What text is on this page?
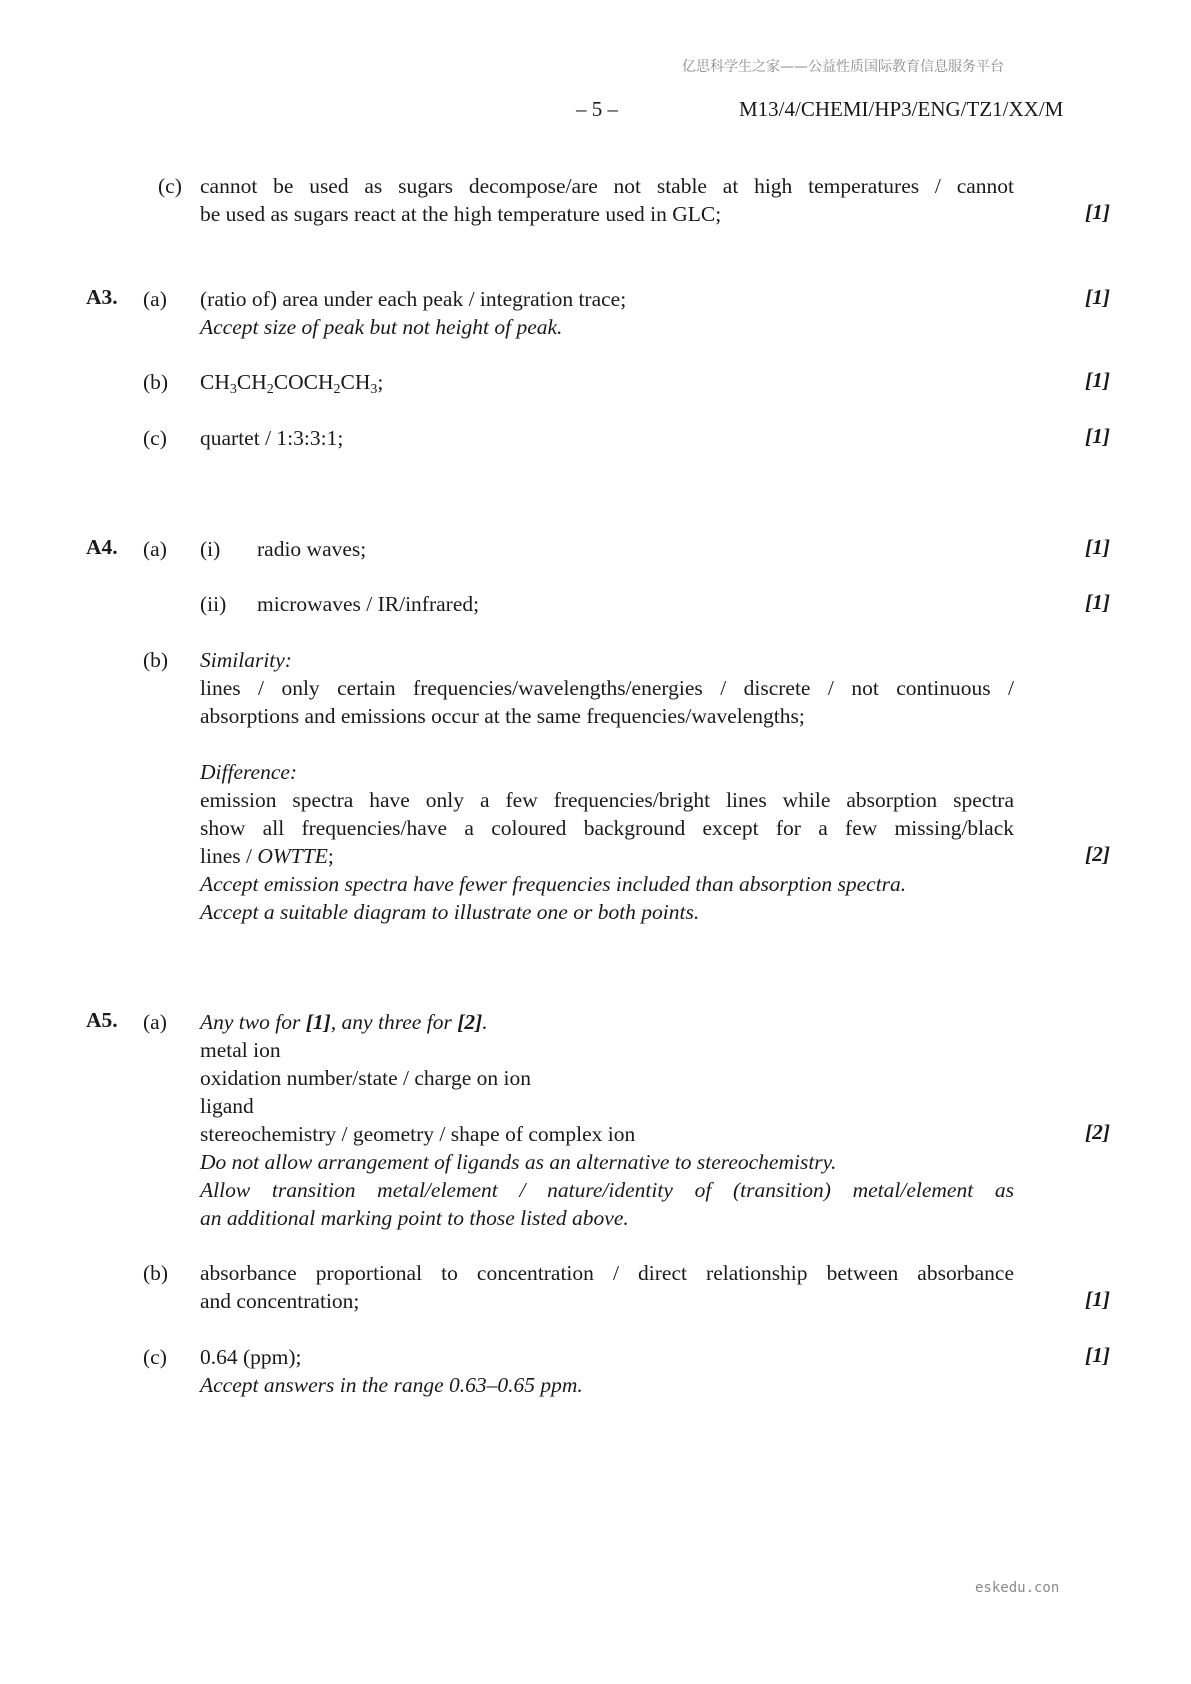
亿思科学生之家——公益性质国际教育信息服务平台
– 5 –	M13/4/CHEMI/HP3/ENG/TZ1/XX/M
(c) cannot be used as sugars decompose/are not stable at high temperatures / cannot
be used as sugars react at the high temperature used in GLC;	[1]
A3. (a) (ratio of) area under each peak / integration trace;	[1]
Accept size of peak but not height of peak.
(b) $CH_3CH_2COCH_2CH_3$;	[1]
(c) quartet / 1:3:3:1;	[1]
A4. (a) (i) radio waves;	[1]
(ii) microwaves / IR/infrared;	[1]
(b) Similarity:
lines / only certain frequencies/wavelengths/energies / discrete / not continuous /
absorptions and emissions occur at the same frequencies/wavelengths;
Difference:
emission spectra have only a few frequencies/bright lines while absorption spectra
show all frequencies/have a coloured background except for a few missing/black
lines / OWTTE;	[2]
Accept emission spectra have fewer frequencies included than absorption spectra.
Accept a suitable diagram to illustrate one or both points.
A5. (a) Any two for [1], any three for [2].
metal ion
oxidation number/state / charge on ion
ligand
stereochemistry / geometry / shape of complex ion	[2]
Do not allow arrangement of ligands as an alternative to stereochemistry.
Allow transition metal/element / nature/identity of (transition) metal/element as
an additional marking point to those listed above.
(b) absorbance proportional to concentration / direct relationship between absorbance
and concentration;	[1]
(c) 0.64 (ppm);	[1]
Accept answers in the range 0.63–0.65 ppm.
eskedu.con
